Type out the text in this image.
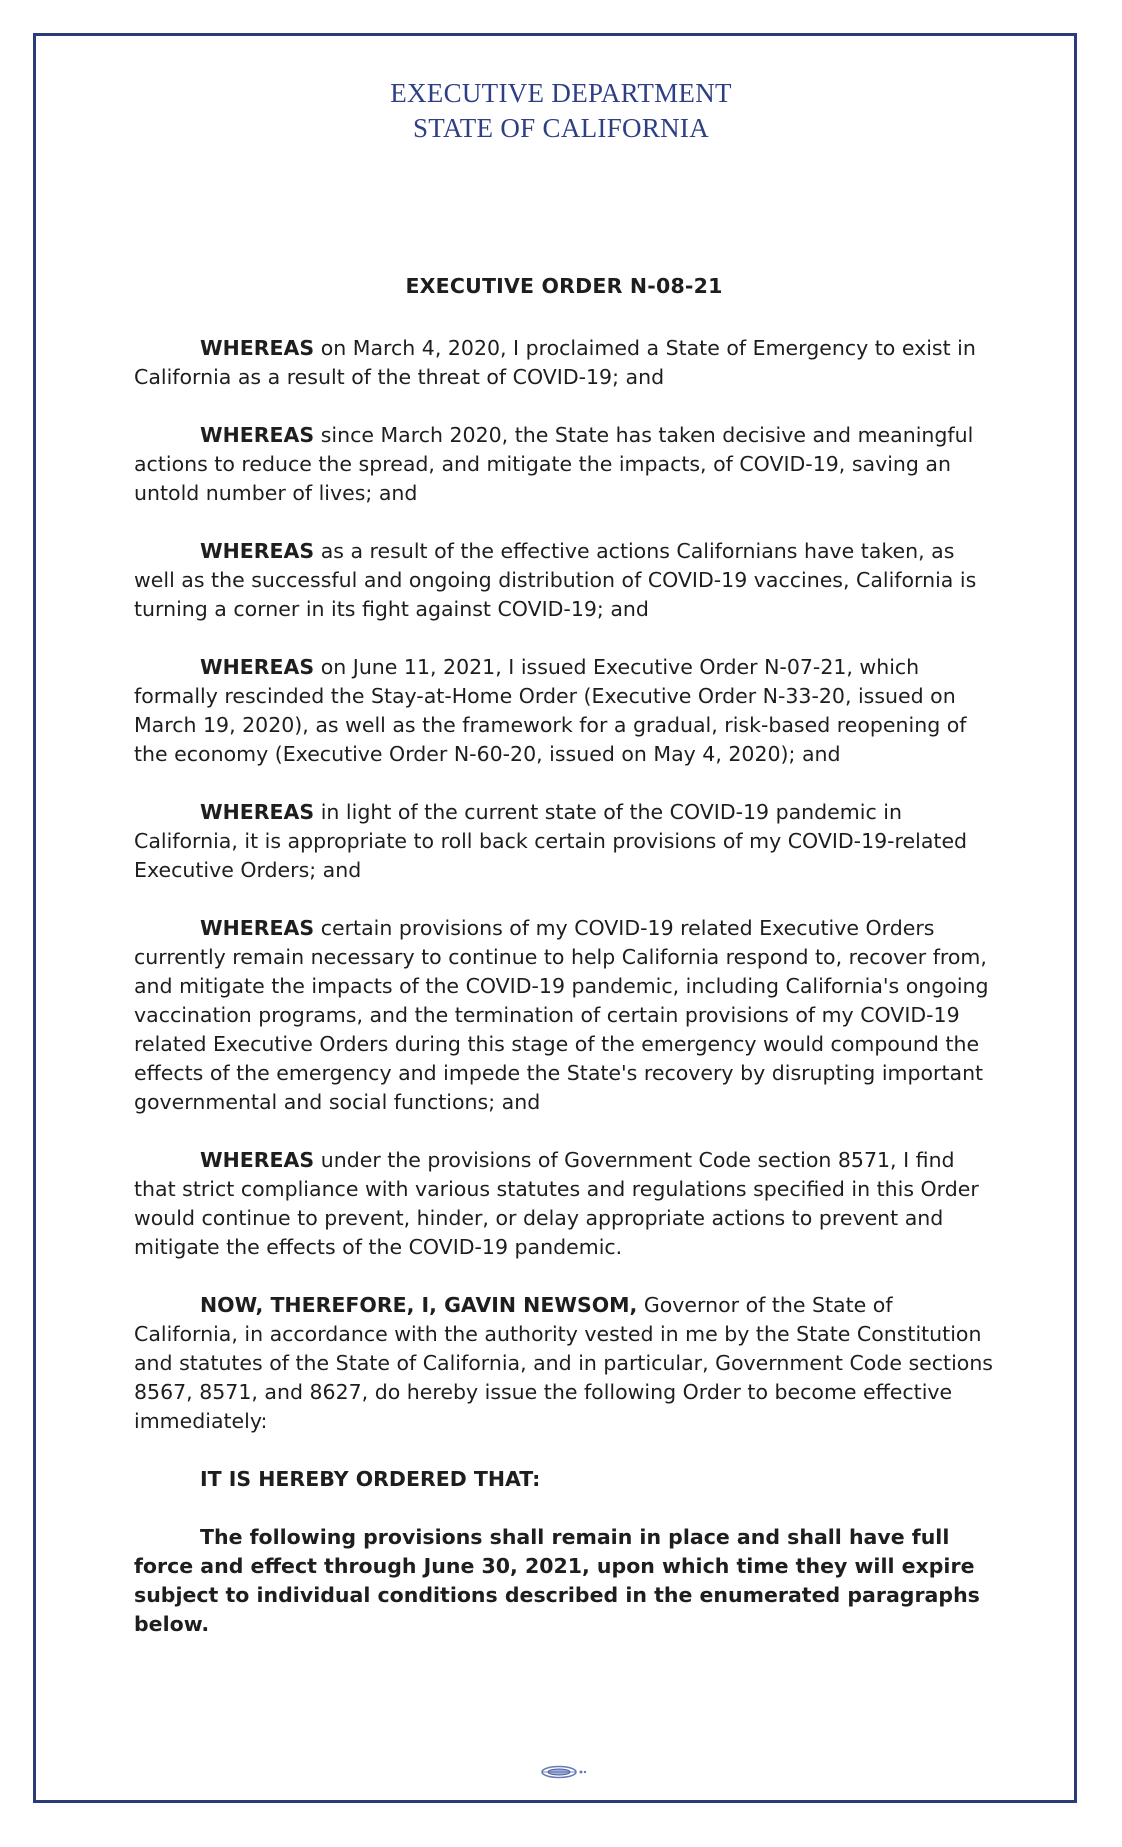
EXECUTIVE DEPARTMENT
STATE OF CALIFORNIA
EXECUTIVE ORDER N-08-21

WHEREAS on March 4, 2020, I proclaimed a State of Emergency to exist in California as a result of the threat of COVID-19; and

WHEREAS since March 2020, the State has taken decisive and meaningful actions to reduce the spread, and mitigate the impacts, of COVID-19, saving an untold number of lives; and

WHEREAS as a result of the effective actions Californians have taken, as well as the successful and ongoing distribution of COVID-19 vaccines, California is turning a corner in its fight against COVID-19; and

WHEREAS on June 11, 2021, I issued Executive Order N-07-21, which formally rescinded the Stay-at-Home Order (Executive Order N-33-20, issued on March 19, 2020), as well as the framework for a gradual, risk-based reopening of the economy (Executive Order N-60-20, issued on May 4, 2020); and

WHEREAS in light of the current state of the COVID-19 pandemic in California, it is appropriate to roll back certain provisions of my COVID-19-related Executive Orders; and

WHEREAS certain provisions of my COVID-19 related Executive Orders currently remain necessary to continue to help California respond to, recover from, and mitigate the impacts of the COVID-19 pandemic, including California's ongoing vaccination programs, and the termination of certain provisions of my COVID-19 related Executive Orders during this stage of the emergency would compound the effects of the emergency and impede the State's recovery by disrupting important governmental and social functions; and

WHEREAS under the provisions of Government Code section 8571, I find that strict compliance with various statutes and regulations specified in this Order would continue to prevent, hinder, or delay appropriate actions to prevent and mitigate the effects of the COVID-19 pandemic.

NOW, THEREFORE, I, GAVIN NEWSOM, Governor of the State of California, in accordance with the authority vested in me by the State Constitution and statutes of the State of California, and in particular, Government Code sections 8567, 8571, and 8627, do hereby issue the following Order to become effective immediately:

IT IS HEREBY ORDERED THAT:

The following provisions shall remain in place and shall have full force and effect through June 30, 2021, upon which time they will expire subject to individual conditions described in the enumerated paragraphs below.
